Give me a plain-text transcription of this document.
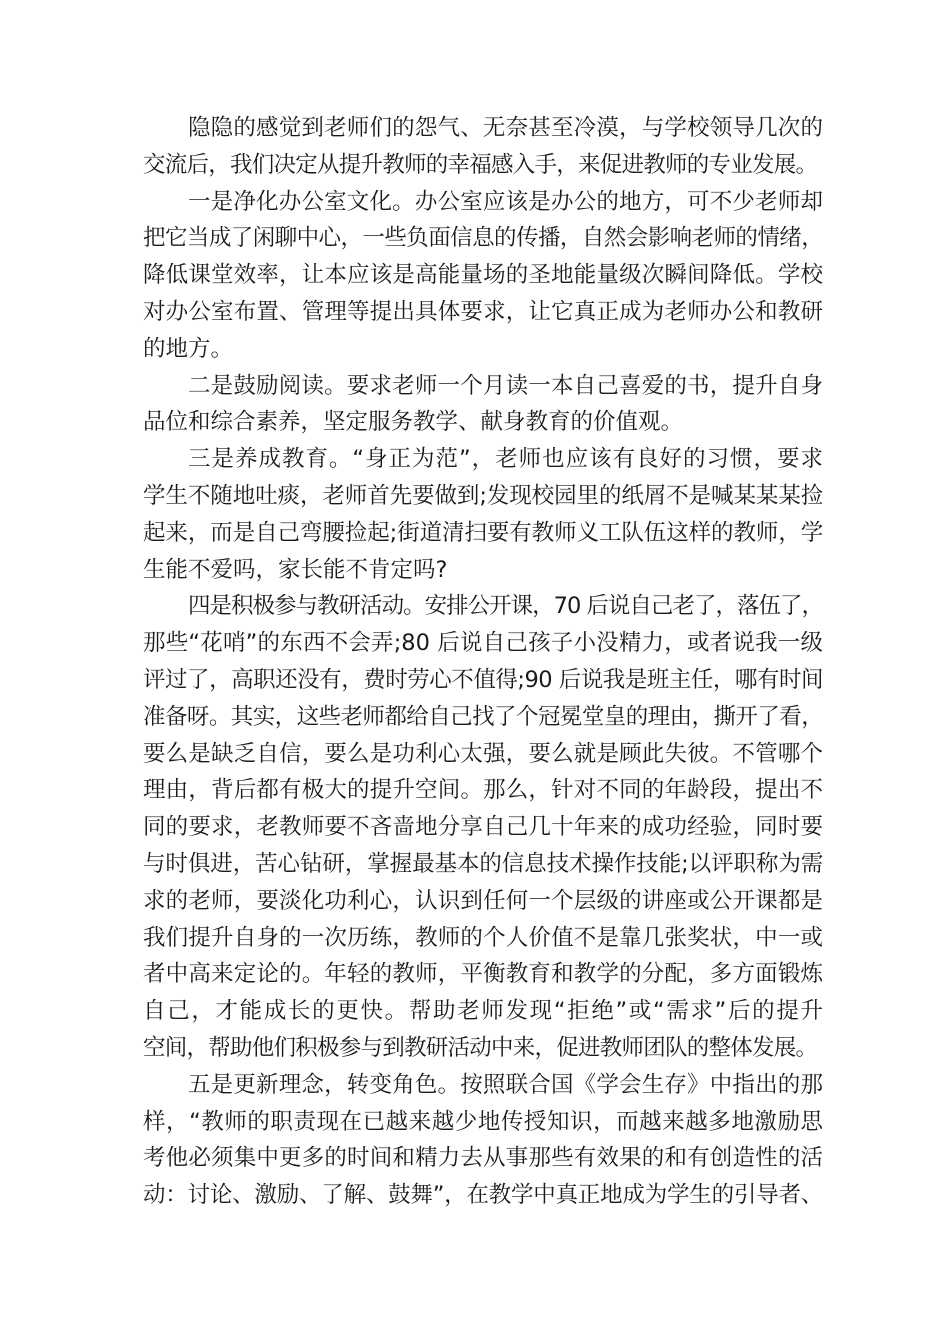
隐隐的感觉到老师们的怨气、无奈甚至冷漠，与学校领导几次的
交流后，我们决定从提升教师的幸福感入手，来促进教师的专业发展。
一是净化办公室文化。办公室应该是办公的地方，可不少老师却
把它当成了闲聊中心，一些负面信息的传播，自然会影响老师的情绪，
降低课堂效率，让本应该是高能量场的圣地能量级次瞬间降低。学校
对办公室布置、管理等提出具体要求，让它真正成为老师办公和教研
的地方。
二是鼓励阅读。要求老师一个月读一本自己喜爱的书，提升自身
品位和综合素养，坚定服务教学、献身教育的价值观。
三是养成教育。“身正为范”，老师也应该有良好的习惯，要求
学生不随地吐痰，老师首先要做到;发现校园里的纸屑不是喊某某某捡
起来，而是自己弯腰捡起;街道清扫要有教师义工队伍这样的教师，学
生能不爱吗，家长能不肯定吗?
四是积极参与教研活动。安排公开课，70 后说自己老了，落伍了，
那些“花哨”的东西不会弄;80 后说自己孩子小没精力，或者说我一级
评过了，高职还没有，费时劳心不值得;90 后说我是班主任，哪有时间
准备呀。其实，这些老师都给自己找了个冠冕堂皇的理由，撕开了看，
要么是缺乏自信，要么是功利心太强，要么就是顾此失彼。不管哪个
理由，背后都有极大的提升空间。那么，针对不同的年龄段，提出不
同的要求，老教师要不吝啬地分享自己几十年来的成功经验，同时要
与时俱进，苦心钻研，掌握最基本的信息技术操作技能;以评职称为需
求的老师，要淡化功利心，认识到任何一个层级的讲座或公开课都是
我们提升自身的一次历练，教师的个人价值不是靠几张奖状，中一或
者中高来定论的。年轻的教师，平衡教育和教学的分配，多方面锻炼
自己，才能成长的更快。帮助老师发现“拒绝”或“需求”后的提升
空间，帮助他们积极参与到教研活动中来，促进教师团队的整体发展。
五是更新理念，转变角色。按照联合国《学会生存》中指出的那
样，“教师的职责现在已越来越少地传授知识，而越来越多地激励思
考他必须集中更多的时间和精力去从事那些有效果的和有创造性的活
动：讨论、激励、了解、鼓舞”，在教学中真正地成为学生的引导者、
